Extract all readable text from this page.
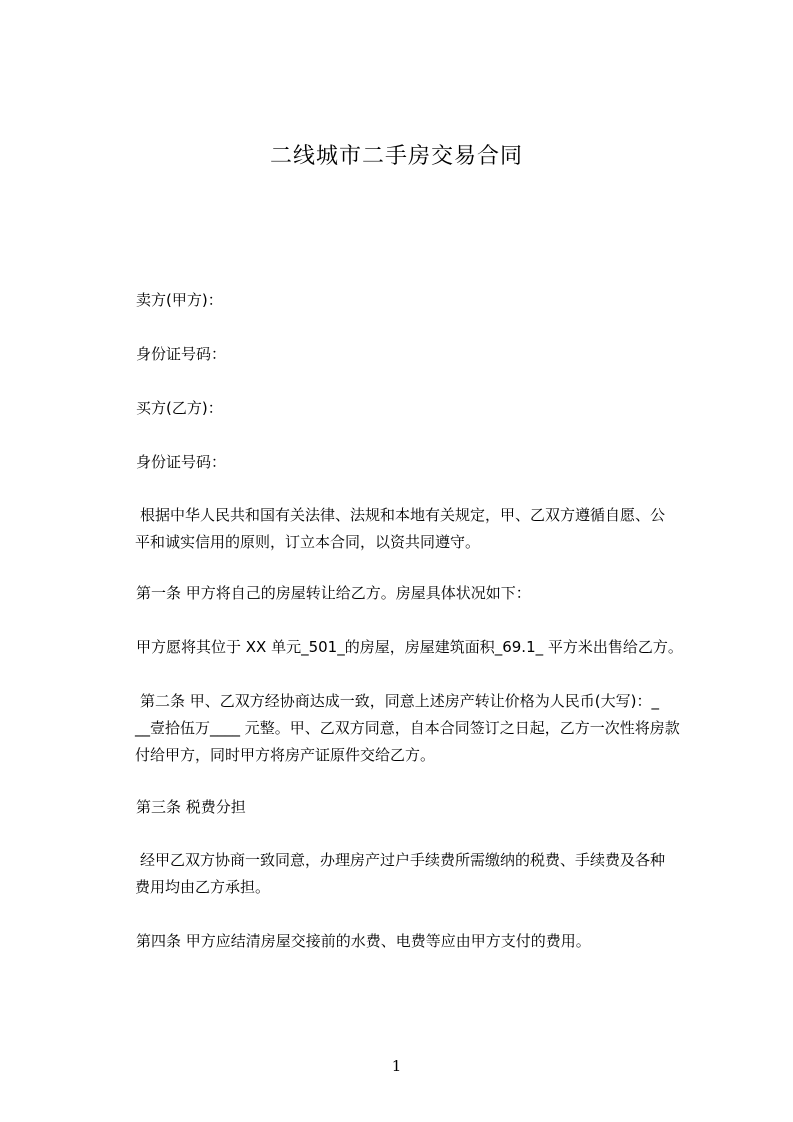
二线城市二手房交易合同
卖方(甲方)：
身份证号码：
买方(乙方)：
身份证号码：
根据中华人民共和国有关法律、法规和本地有关规定，甲、乙双方遵循自愿、公
平和诚实信用的原则，订立本合同，以资共同遵守。
第一条 甲方将自己的房屋转让给乙方。房屋具体状况如下：
甲方愿将其位于 XX 单元_501_的房屋，房屋建筑面积_69.1_ 平方米出售给乙方。
第二条 甲、乙双方经协商达成一致，同意上述房产转让价格为人民币(大写)：_
__壹拾伍万____ 元整。甲、乙双方同意，自本合同签订之日起，乙方一次性将房款
付给甲方，同时甲方将房产证原件交给乙方。
第三条 税费分担
经甲乙双方协商一致同意，办理房产过户手续费所需缴纳的税费、手续费及各种
费用均由乙方承担。
第四条 甲方应结清房屋交接前的水费、电费等应由甲方支付的费用。
1
